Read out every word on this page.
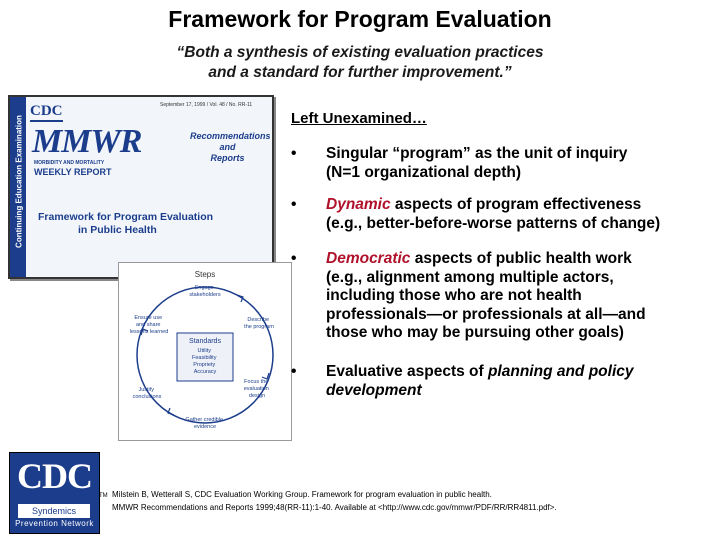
Framework for Program Evaluation
“Both a synthesis of existing evaluation practices
and a standard for further improvement.”
Continuing Education Examination
CDC	September 17, 1999 / Vol. 48 / No. RR-11
MMWR
MORBIDITY AND MORTALITY
WEEKLY REPORT
Recommendations
and
Reports
Framework for Program Evaluation
in Public Health
Steps
Engage stakeholders
Describe the program
Focus the evaluation design
Gather credible evidence
Justify conclusions
Ensure use and share lessons learned
Standards
Utility Feasibility Propriety Accuracy
Left Unexamined…
• Singular “program” as the unit of inquiry
(N=1 organizational depth)
• Dynamic aspects of program effectiveness
(e.g., better-before-worse patterns of change)
• Democratic aspects of public health work
(e.g., alignment among multiple actors,
including those who are not health
professionals—or professionals at all—and
those who may be pursuing other goals)
• Evaluative aspects of planning and policy
development
CDC
Syndemics
Prevention Network
TM Milstein B, Wetterall S, CDC Evaluation Working Group. Framework for program evaluation in public health.
MMWR Recommendations and Reports 1999;48(RR-11):1-40. Available at <http://www.cdc.gov/mmwr/PDF/RR/RR4811.pdf>.
